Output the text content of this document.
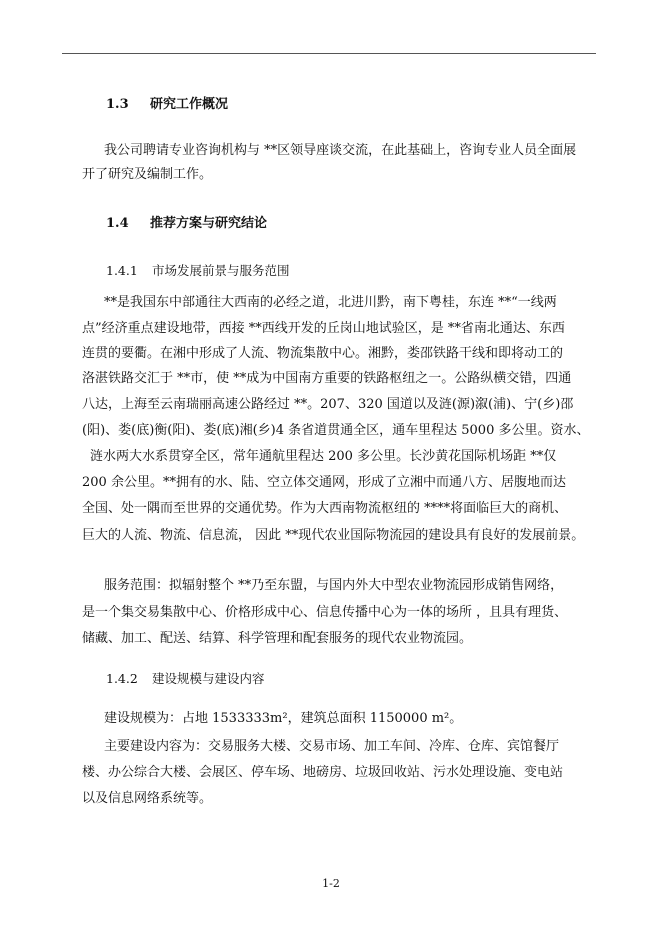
1.3 研究工作概况
我公司聘请专业咨询机构与 **区领导座谈交流，在此基础上，咨询专业人员全面展
开了研究及编制工作。
1.4 推荐方案与研究结论
1.4.1 市场发展前景与服务范围
**是我国东中部通往大西南的必经之道，北进川黔，南下粤桂，东连 **“一线两
点”经济重点建设地带，西接 **西线开发的丘岗山地试验区，是 **省南北通达、东西
连贯的要衢。在湘中形成了人流、物流集散中心。湘黔，娄邵铁路干线和即将动工的
洛湛铁路交汇于 **市，使 **成为中国南方重要的铁路枢纽之一。公路纵横交错，四通
八达，上海至云南瑞丽高速公路经过 **。207、320 国道以及涟(源)溆(浦)、宁(乡)邵
(阳)、娄(底)衡(阳)、娄(底)湘(乡)4 条省道贯通全区，通车里程达 5000 多公里。资水、
涟水两大水系贯穿全区，常年通航里程达 200 多公里。长沙黄花国际机场距 **仅
200 余公里。**拥有的水、陆、空立体交通网，形成了立湘中而通八方、居腹地而达
全国、处一隅而至世界的交通优势。作为大西南物流枢纽的 ****将面临巨大的商机、
巨大的人流、物流、信息流， 因此 **现代农业国际物流园的建设具有良好的发展前景。
服务范围：拟辐射整个 **乃至东盟，与国内外大中型农业物流园形成销售网络，
是一个集交易集散中心、价格形成中心、信息传播中心为一体的场所 ，且具有理货、
储藏、加工、配送、结算、科学管理和配套服务的现代农业物流园。
1.4.2 建设规模与建设内容
建设规模为：占地 1533333m²，建筑总面积 1150000 m²。
主要建设内容为：交易服务大楼、交易市场、加工车间、冷库、仓库、宾馆餐厅
楼、办公综合大楼、会展区、停车场、地磅房、垃圾回收站、污水处理设施、变电站
以及信息网络系统等。
1-2
